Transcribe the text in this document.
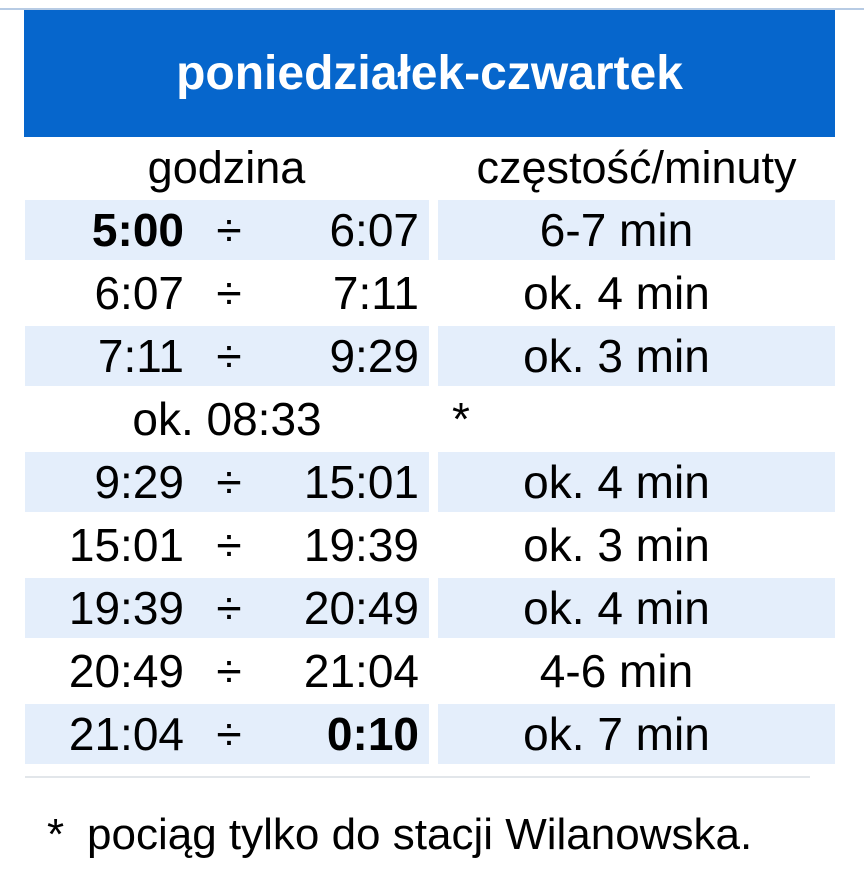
poniedziałek-czwartek
godzina	częstość/minuty
5:00 ÷	6:07	6-7 min
6:07 ÷	7:11 ok. 4 min
7:11 ÷	9:29 ok. 3 min
ok. 08:33	*
9:29 ÷	15:01 ok. 4 min
15:01 ÷	19:39 ok. 3 min
19:39 ÷	20:49 ok. 4 min
20:49 ÷	21:04	4-6 min
21:04 ÷	0:10 ok. 7 min
* pociąg tylko do stacji Wilanowska.
